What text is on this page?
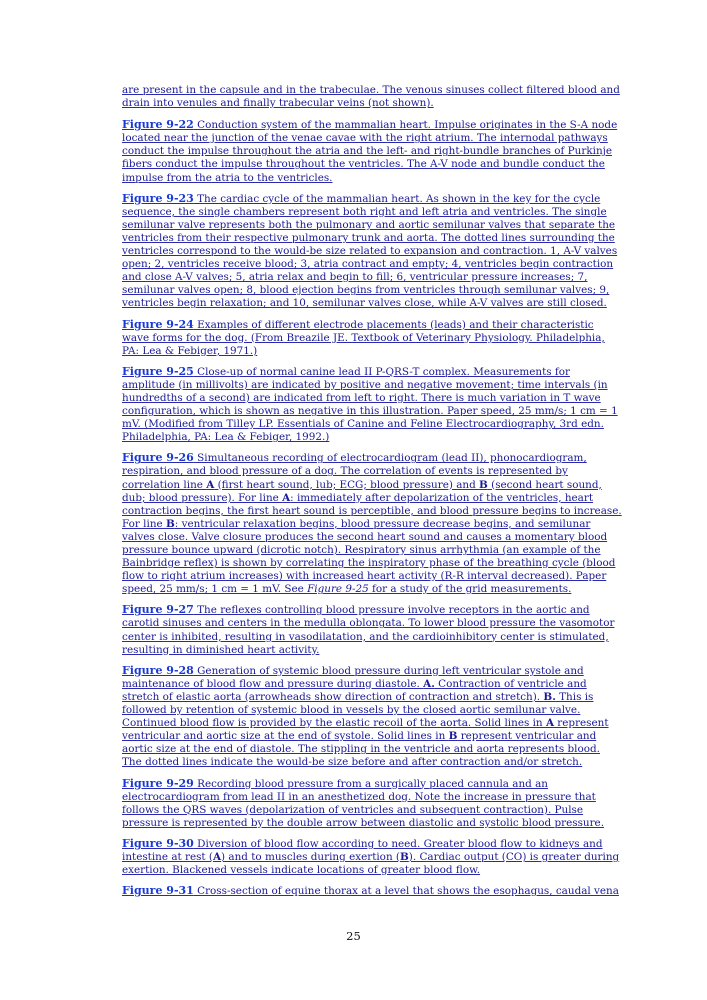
are present in the capsule and in the trabeculae. The venous sinuses collect filtered blood and drain into venules and finally trabecular veins (not shown).

Figure 9-22 Conduction system of the mammalian heart. Impulse originates in the S-A node located near the junction of the venae cavae with the right atrium. The internodal pathways conduct the impulse throughout the atria and the left- and right-bundle branches of Purkinje fibers conduct the impulse throughout the ventricles. The A-V node and bundle conduct the impulse from the atria to the ventricles.

Figure 9-23 The cardiac cycle of the mammalian heart. As shown in the key for the cycle sequence, the single chambers represent both right and left atria and ventricles. The single semilunar valve represents both the pulmonary and aortic semilunar valves that separate the ventricles from their respective pulmonary trunk and aorta. The dotted lines surrounding the ventricles correspond to the would-be size related to expansion and contraction. 1, A-V valves open; 2, ventricles receive blood; 3, atria contract and empty; 4, ventricles begin contraction and close A-V valves; 5, atria relax and begin to fill; 6, ventricular pressure increases; 7, semilunar valves open; 8, blood ejection begins from ventricles through semilunar valves; 9, ventricles begin relaxation; and 10, semilunar valves close, while A-V valves are still closed.

Figure 9-24 Examples of different electrode placements (leads) and their characteristic wave forms for the dog. (From Breazile JE. Textbook of Veterinary Physiology. Philadelphia, PA: Lea & Febiger, 1971.)

Figure 9-25 Close-up of normal canine lead II P-QRS-T complex. Measurements for amplitude (in millivolts) are indicated by positive and negative movement; time intervals (in hundredths of a second) are indicated from left to right. There is much variation in T wave configuration, which is shown as negative in this illustration. Paper speed, 25 mm/s; 1 cm = 1 mV. (Modified from Tilley LP. Essentials of Canine and Feline Electrocardiography, 3rd edn. Philadelphia, PA: Lea & Febiger, 1992.)

Figure 9-26 Simultaneous recording of electrocardiogram (lead II), phonocardiogram, respiration, and blood pressure of a dog. The correlation of events is represented by correlation line A (first heart sound, lub; ECG; blood pressure) and B (second heart sound, dub; blood pressure). For line A: immediately after depolarization of the ventricles, heart contraction begins, the first heart sound is perceptible, and blood pressure begins to increase. For line B: ventricular relaxation begins, blood pressure decrease begins, and semilunar valves close. Valve closure produces the second heart sound and causes a momentary blood pressure bounce upward (dicrotic notch). Respiratory sinus arrhythmia (an example of the Bainbridge reflex) is shown by correlating the inspiratory phase of the breathing cycle (blood flow to right atrium increases) with increased heart activity (R-R interval decreased). Paper speed, 25 mm/s; 1 cm = 1 mV. See Figure 9-25 for a study of the grid measurements.

Figure 9-27 The reflexes controlling blood pressure involve receptors in the aortic and carotid sinuses and centers in the medulla oblongata. To lower blood pressure the vasomotor center is inhibited, resulting in vasodilatation, and the cardioinhibitory center is stimulated, resulting in diminished heart activity.

Figure 9-28 Generation of systemic blood pressure during left ventricular systole and maintenance of blood flow and pressure during diastole. A. Contraction of ventricle and stretch of elastic aorta (arrowheads show direction of contraction and stretch). B. This is followed by retention of systemic blood in vessels by the closed aortic semilunar valve. Continued blood flow is provided by the elastic recoil of the aorta. Solid lines in A represent ventricular and aortic size at the end of systole. Solid lines in B represent ventricular and aortic size at the end of diastole. The stippling in the ventricle and aorta represents blood. The dotted lines indicate the would-be size before and after contraction and/or stretch.

Figure 9-29 Recording blood pressure from a surgically placed cannula and an electrocardiogram from lead II in an anesthetized dog. Note the increase in pressure that follows the QRS waves (depolarization of ventricles and subsequent contraction). Pulse pressure is represented by the double arrow between diastolic and systolic blood pressure.

Figure 9-30 Diversion of blood flow according to need. Greater blood flow to kidneys and intestine at rest (A) and to muscles during exertion (B). Cardiac output (CO) is greater during exertion. Blackened vessels indicate locations of greater blood flow.

Figure 9-31 Cross-section of equine thorax at a level that shows the esophagus, caudal vena

25
